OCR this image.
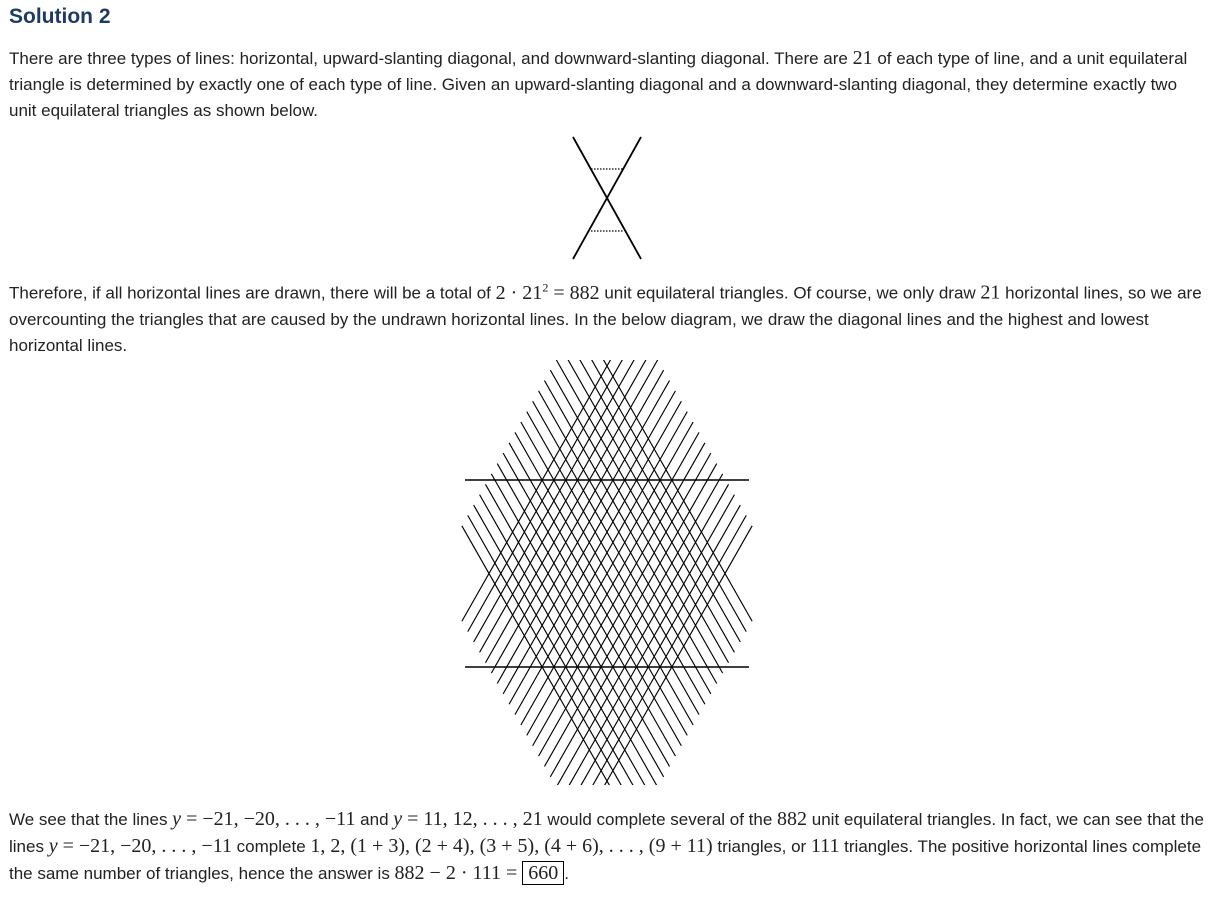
Solution 2

There are three types of lines: horizontal, upward-slanting diagonal, and downward-slanting diagonal. There are 21 of each type of line, and a unit equilateral triangle is determined by exactly one of each type of line. Given an upward-slanting diagonal and a downward-slanting diagonal, they determine exactly two unit equilateral triangles as shown below.

Therefore, if all horizontal lines are drawn, there will be a total of $2 \cdot 21^2 = 882$ unit equilateral triangles. Of course, we only draw 21 horizontal lines, so we are overcounting the triangles that are caused by the undrawn horizontal lines. In the below diagram, we draw the diagonal lines and the highest and lowest horizontal lines.

We see that the lines y = −21, −20, . . . , −11 and y = 11, 12, . . . , 21 would complete several of the 882 unit equilateral triangles. In fact, we can see that the lines y = −21, −20, . . . , −11 complete 1, 2, (1 + 3), (2 + 4), (3 + 5), (4 + 6), . . . , (9 + 11) triangles, or 111 triangles. The positive horizontal lines complete the same number of triangles, hence the answer is 882 − 2 · 111 = 660 .
